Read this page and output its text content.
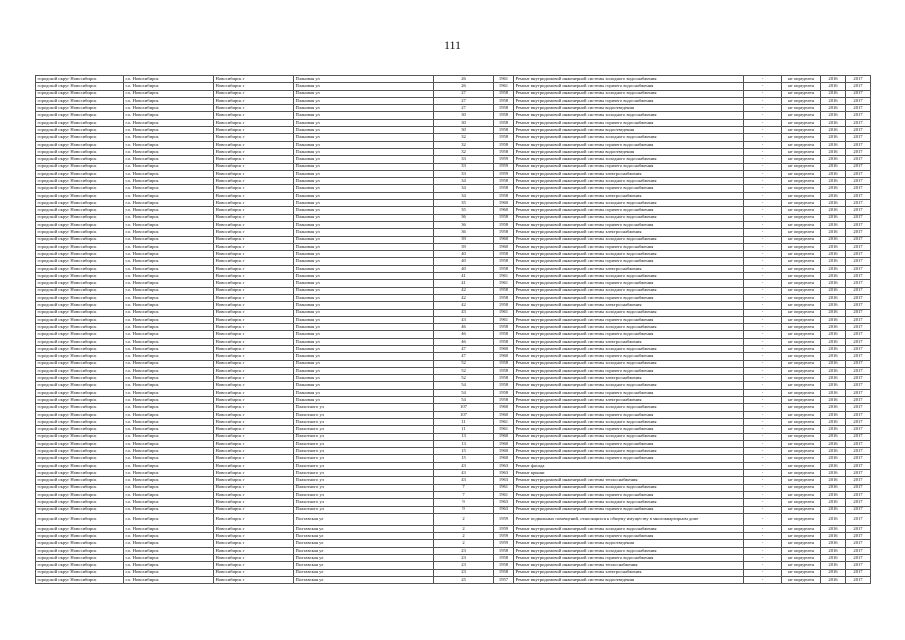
111
городской округ Новосибирск	г.о. Новосибирск	Новосибирск г	Плановая ул	26	1961	Ремонт внутридомовой инженерной системы холодного водоснабжения	-	не определен	2016	2017
городской округ Новосибирск	г.о. Новосибирск	Новосибирск г	Плановая ул	26	1961	Ремонт внутридомовой инженерной системы горячего водоснабжения	-	не определен	2016	2017
городской округ Новосибирск	г.о. Новосибирск	Новосибирск г	Плановая ул	27	1958	Ремонт внутридомовой инженерной системы холодного водоснабжения	-	не определен	2016	2017
городской округ Новосибирск	г.о. Новосибирск	Новосибирск г	Плановая ул	27	1958	Ремонт внутридомовой инженерной системы горячего водоснабжения	-	не определен	2016	2017
городской округ Новосибирск	г.о. Новосибирск	Новосибирск г	Плановая ул	27	1958	Ремонт внутридомовой инженерной системы водоотведения	-	не определен	2016	2017
городской округ Новосибирск	г.о. Новосибирск	Новосибирск г	Плановая ул	30	1958	Ремонт внутридомовой инженерной системы холодного водоснабжения	-	не определен	2016	2017
городской округ Новосибирск	г.о. Новосибирск	Новосибирск г	Плановая ул	30	1958	Ремонт внутридомовой инженерной системы горячего водоснабжения	-	не определен	2016	2017
городской округ Новосибирск	г.о. Новосибирск	Новосибирск г	Плановая ул	30	1958	Ремонт внутридомовой инженерной системы водоотведения	-	не определен	2016	2017
городской округ Новосибирск	г.о. Новосибирск	Новосибирск г	Плановая ул	32	1958	Ремонт внутридомовой инженерной системы холодного водоснабжения	-	не определен	2016	2017
городской округ Новосибирск	г.о. Новосибирск	Новосибирск г	Плановая ул	32	1958	Ремонт внутридомовой инженерной системы горячего водоснабжения	-	не определен	2016	2017
городской округ Новосибирск	г.о. Новосибирск	Новосибирск г	Плановая ул	32	1958	Ремонт внутридомовой инженерной системы водоотведения	-	не определен	2016	2017
городской округ Новосибирск	г.о. Новосибирск	Новосибирск г	Плановая ул	33	1959	Ремонт внутридомовой инженерной системы холодного водоснабжения	-	не определен	2016	2017
городской округ Новосибирск	г.о. Новосибирск	Новосибирск г	Плановая ул	33	1959	Ремонт внутридомовой инженерной системы горячего водоснабжения	-	не определен	2016	2017
городской округ Новосибирск	г.о. Новосибирск	Новосибирск г	Плановая ул	33	1959	Ремонт внутридомовой инженерной системы электроснабжения	-	не определен	2016	2017
городской округ Новосибирск	г.о. Новосибирск	Новосибирск г	Плановая ул	34	1958	Ремонт внутридомовой инженерной системы холодного водоснабжения	-	не определен	2016	2017
городской округ Новосибирск	г.о. Новосибирск	Новосибирск г	Плановая ул	34	1958	Ремонт внутридомовой инженерной системы горячего водоснабжения	-	не определен	2016	2017
городской округ Новосибирск	г.о. Новосибирск	Новосибирск г	Плановая ул	34	1958	Ремонт внутридомовой инженерной системы электроснабжения	-	не определен	2016	2017
городской округ Новосибирск	г.о. Новосибирск	Новосибирск г	Плановая ул	35	1960	Ремонт внутридомовой инженерной системы холодного водоснабжения	-	не определен	2016	2017
городской округ Новосибирск	г.о. Новосибирск	Новосибирск г	Плановая ул	35	1960	Ремонт внутридомовой инженерной системы горячего водоснабжения	-	не определен	2016	2017
городской округ Новосибирск	г.о. Новосибирск	Новосибирск г	Плановая ул	36	1958	Ремонт внутридомовой инженерной системы холодного водоснабжения	-	не определен	2016	2017
городской округ Новосибирск	г.о. Новосибирск	Новосибирск г	Плановая ул	36	1958	Ремонт внутридомовой инженерной системы горячего водоснабжения	-	не определен	2016	2017
городской округ Новосибирск	г.о. Новосибирск	Новосибирск г	Плановая ул	36	1958	Ремонт внутридомовой инженерной системы электроснабжения	-	не определен	2016	2017
городской округ Новосибирск	г.о. Новосибирск	Новосибирск г	Плановая ул	39	1960	Ремонт внутридомовой инженерной системы холодного водоснабжения	-	не определен	2016	2017
городской округ Новосибирск	г.о. Новосибирск	Новосибирск г	Плановая ул	39	1960	Ремонт внутридомовой инженерной системы горячего водоснабжения	-	не определен	2016	2017
городской округ Новосибирск	г.о. Новосибирск	Новосибирск г	Плановая ул	40	1958	Ремонт внутридомовой инженерной системы холодного водоснабжения	-	не определен	2016	2017
городской округ Новосибирск	г.о. Новосибирск	Новосибирск г	Плановая ул	40	1958	Ремонт внутридомовой инженерной системы горячего водоснабжения	-	не определен	2016	2017
городской округ Новосибирск	г.о. Новосибирск	Новосибирск г	Плановая ул	40	1958	Ремонт внутридомовой инженерной системы электроснабжения	-	не определен	2016	2017
городской округ Новосибирск	г.о. Новосибирск	Новосибирск г	Плановая ул	41	1961	Ремонт внутридомовой инженерной системы холодного водоснабжения	-	не определен	2016	2017
городской округ Новосибирск	г.о. Новосибирск	Новосибирск г	Плановая ул	41	1961	Ремонт внутридомовой инженерной системы горячего водоснабжения	-	не определен	2016	2017
городской округ Новосибирск	г.о. Новосибирск	Новосибирск г	Плановая ул	42	1958	Ремонт внутридомовой инженерной системы холодного водоснабжения	-	не определен	2016	2017
городской округ Новосибирск	г.о. Новосибирск	Новосибирск г	Плановая ул	42	1958	Ремонт внутридомовой инженерной системы горячего водоснабжения	-	не определен	2016	2017
городской округ Новосибирск	г.о. Новосибирск	Новосибирск г	Плановая ул	42	1958	Ремонт внутридомовой инженерной системы электроснабжения	-	не определен	2016	2017
городской округ Новосибирск	г.о. Новосибирск	Новосибирск г	Плановая ул	43	1961	Ремонт внутридомовой инженерной системы холодного водоснабжения	-	не определен	2016	2017
городской округ Новосибирск	г.о. Новосибирск	Новосибирск г	Плановая ул	43	1961	Ремонт внутридомовой инженерной системы горячего водоснабжения	-	не определен	2016	2017
городской округ Новосибирск	г.о. Новосибирск	Новосибирск г	Плановая ул	46	1958	Ремонт внутридомовой инженерной системы холодного водоснабжения	-	не определен	2016	2017
городской округ Новосибирск	г.о. Новосибирск	Новосибирск г	Плановая ул	46	1958	Ремонт внутридомовой инженерной системы горячего водоснабжения	-	не определен	2016	2017
городской округ Новосибирск	г.о. Новосибирск	Новосибирск г	Плановая ул	46	1958	Ремонт внутридомовой инженерной системы электроснабжения	-	не определен	2016	2017
городской округ Новосибирск	г.о. Новосибирск	Новосибирск г	Плановая ул	47	1960	Ремонт внутридомовой инженерной системы холодного водоснабжения	-	не определен	2016	2017
городской округ Новосибирск	г.о. Новосибирск	Новосибирск г	Плановая ул	47	1960	Ремонт внутридомовой инженерной системы горячего водоснабжения	-	не определен	2016	2017
городской округ Новосибирск	г.о. Новосибирск	Новосибирск г	Плановая ул	52	1958	Ремонт внутридомовой инженерной системы холодного водоснабжения	-	не определен	2016	2017
городской округ Новосибирск	г.о. Новосибирск	Новосибирск г	Плановая ул	52	1958	Ремонт внутридомовой инженерной системы горячего водоснабжения	-	не определен	2016	2017
городской округ Новосибирск	г.о. Новосибирск	Новосибирск г	Плановая ул	52	1958	Ремонт внутридомовой инженерной системы электроснабжения	-	не определен	2016	2017
городской округ Новосибирск	г.о. Новосибирск	Новосибирск г	Плановая ул	54	1958	Ремонт внутридомовой инженерной системы холодного водоснабжения	-	не определен	2016	2017
городской округ Новосибирск	г.о. Новосибирск	Новосибирск г	Плановая ул	54	1958	Ремонт внутридомовой инженерной системы горячего водоснабжения	-	не определен	2016	2017
городской округ Новосибирск	г.о. Новосибирск	Новосибирск г	Плановая ул	54	1958	Ремонт внутридомовой инженерной системы электроснабжения	-	не определен	2016	2017
городской округ Новосибирск	г.о. Новосибирск	Новосибирск г	Плахотного ул	107	1960	Ремонт внутридомовой инженерной системы холодного водоснабжения	-	не определен	2016	2017
городской округ Новосибирск	г.о. Новосибирск	Новосибирск г	Плахотного ул	107	1960	Ремонт внутридомовой инженерной системы горячего водоснабжения	-	не определен	2016	2017
городской округ Новосибирск	г.о. Новосибирск	Новосибирск г	Плахотного ул	11	1961	Ремонт внутридомовой инженерной системы холодного водоснабжения	-	не определен	2016	2017
городской округ Новосибирск	г.о. Новосибирск	Новосибирск г	Плахотного ул	11	1961	Ремонт внутридомовой инженерной системы горячего водоснабжения	-	не определен	2016	2017
городской округ Новосибирск	г.о. Новосибирск	Новосибирск г	Плахотного ул	13	1960	Ремонт внутридомовой инженерной системы холодного водоснабжения	-	не определен	2016	2017
городской округ Новосибирск	г.о. Новосибирск	Новосибирск г	Плахотного ул	13	1960	Ремонт внутридомовой инженерной системы горячего водоснабжения	-	не определен	2016	2017
городской округ Новосибирск	г.о. Новосибирск	Новосибирск г	Плахотного ул	15	1960	Ремонт внутридомовой инженерной системы холодного водоснабжения	-	не определен	2016	2017
городской округ Новосибирск	г.о. Новосибирск	Новосибирск г	Плахотного ул	15	1960	Ремонт внутридомовой инженерной системы горячего водоснабжения	-	не определен	2016	2017
городской округ Новосибирск	г.о. Новосибирск	Новосибирск г	Плахотного ул	43	1963	Ремонт фасада	-	не определен	2016	2017
городской округ Новосибирск	г.о. Новосибирск	Новосибирск г	Плахотного ул	43	1963	Ремонт крыши	-	не определен	2016	2017
городской округ Новосибирск	г.о. Новосибирск	Новосибирск г	Плахотного ул	43	1963	Ремонт внутридомовой инженерной системы теплоснабжения	-	не определен	2016	2017
городской округ Новосибирск	г.о. Новосибирск	Новосибирск г	Плахотного ул	7	1961	Ремонт внутридомовой инженерной системы холодного водоснабжения	-	не определен	2016	2017
городской округ Новосибирск	г.о. Новосибирск	Новосибирск г	Плахотного ул	7	1961	Ремонт внутридомовой инженерной системы горячего водоснабжения	-	не определен	2016	2017
городской округ Новосибирск	г.о. Новосибирск	Новосибирск г	Плахотного ул	9	1963	Ремонт внутридомовой инженерной системы холодного водоснабжения	-	не определен	2016	2017
городской округ Новосибирск	г.о. Новосибирск	Новосибирск г	Плахотного ул	9	1963	Ремонт внутридомовой инженерной системы горячего водоснабжения	-	не определен	2016	2017
городской округ Новосибирск	г.о. Новосибирск	Новосибирск г	Полтавская ул	2	1959	Ремонт подвальных помещений, относящихся к общему имуществу в многоквартирном доме	-	не определен	2016	2017
городской округ Новосибирск	г.о. Новосибирск	Новосибирск г	Полтавская ул	2	1959	Ремонт внутридомовой инженерной системы холодного водоснабжения	-	не определен	2016	2017
городской округ Новосибирск	г.о. Новосибирск	Новосибирск г	Полтавская ул	2	1959	Ремонт внутридомовой инженерной системы горячего водоснабжения	-	не определен	2016	2017
городской округ Новосибирск	г.о. Новосибирск	Новосибирск г	Полтавская ул	2	1959	Ремонт внутридомовой инженерной системы водоотведения	-	не определен	2016	2017
городской округ Новосибирск	г.о. Новосибирск	Новосибирск г	Полтавская ул	23	1958	Ремонт внутридомовой инженерной системы холодного водоснабжения	-	не определен	2016	2017
городской округ Новосибирск	г.о. Новосибирск	Новосибирск г	Полтавская ул	23	1958	Ремонт внутридомовой инженерной системы горячего водоснабжения	-	не определен	2016	2017
городской округ Новосибирск	г.о. Новосибирск	Новосибирск г	Полтавская ул	23	1958	Ремонт внутридомовой инженерной системы теплоснабжения	-	не определен	2016	2017
городской округ Новосибирск	г.о. Новосибирск	Новосибирск г	Полтавская ул	23	1958	Ремонт внутридомовой инженерной системы электроснабжения	-	не определен	2016	2017
городской округ Новосибирск	г.о. Новосибирск	Новосибирск г	Полтавская ул	25	1957	Ремонт внутридомовой инженерной системы водоотведения	-	не определен	2016	2017
